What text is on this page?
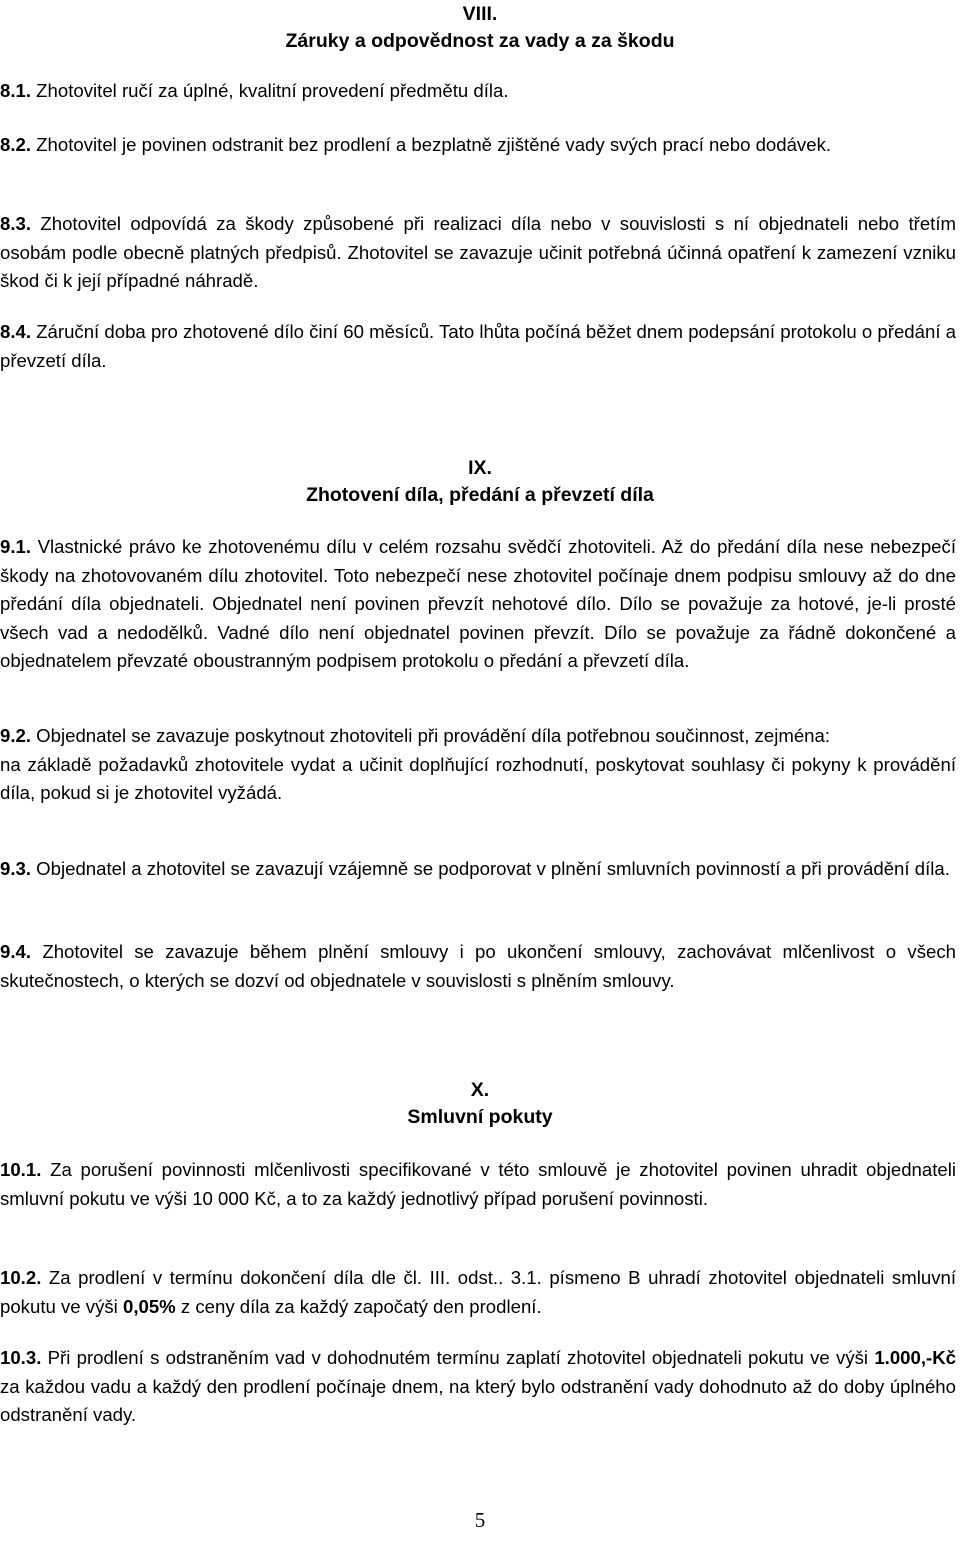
VIII.
Záruky a odpovědnost za vady a za škodu

8.1. Zhotovitel ručí za úplné, kvalitní provedení předmětu díla.

8.2. Zhotovitel je povinen odstranit bez prodlení a bezplatně zjištěné vady svých prací nebo dodávek.

8.3. Zhotovitel odpovídá za škody způsobené při realizaci díla nebo v souvislosti s ní objednateli nebo třetím osobám podle obecně platných předpisů. Zhotovitel se zavazuje učinit potřebná účinná opatření k zamezení vzniku škod či k její případné náhradě.

8.4. Záruční doba pro zhotovené dílo činí 60 měsíců. Tato lhůta počíná běžet dnem podepsání protokolu o předání a převzetí díla.

IX.
Zhotovení díla, předání a převzetí díla

9.1. Vlastnické právo ke zhotovenému dílu v celém rozsahu svědčí zhotoviteli. Až do předání díla nese nebezpečí škody na zhotovovaném dílu zhotovitel. Toto nebezpečí nese zhotovitel počínaje dnem podpisu smlouvy až do dne předání díla objednateli. Objednatel není povinen převzít nehotové dílo. Dílo se považuje za hotové, je-li prosté všech vad a nedodělků. Vadné dílo není objednatel povinen převzít. Dílo se považuje za řádně dokončené a objednatelem převzaté oboustranným podpisem protokolu o předání a převzetí díla.

9.2. Objednatel se zavazuje poskytnout zhotoviteli při provádění díla potřebnou součinnost, zejména:
na základě požadavků zhotovitele vydat a učinit doplňující rozhodnutí, poskytovat souhlasy či pokyny k provádění díla, pokud si je zhotovitel vyžádá.

9.3. Objednatel a zhotovitel se zavazují vzájemně se podporovat v plnění smluvních povinností a při provádění díla.

9.4. Zhotovitel se zavazuje během plnění smlouvy i po ukončení smlouvy, zachovávat mlčenlivost o všech skutečnostech, o kterých se dozví od objednatele v souvislosti s plněním smlouvy.

X.
Smluvní pokuty

10.1. Za porušení povinnosti mlčenlivosti specifikované v této smlouvě je zhotovitel povinen uhradit objednateli smluvní pokutu ve výši 10 000 Kč, a to za každý jednotlivý případ porušení povinnosti.

10.2. Za prodlení v termínu dokončení díla dle čl. III. odst.. 3.1. písmeno B uhradí zhotovitel objednateli smluvní pokutu ve výši 0,05% z ceny díla za každý započatý den prodlení.

10.3. Při prodlení s odstraněním vad v dohodnutém termínu zaplatí zhotovitel objednateli pokutu ve výši 1.000,-Kč za každou vadu a každý den prodlení počínaje dnem, na který bylo odstranění vady dohodnuto až do doby úplného odstranění vady.

5
